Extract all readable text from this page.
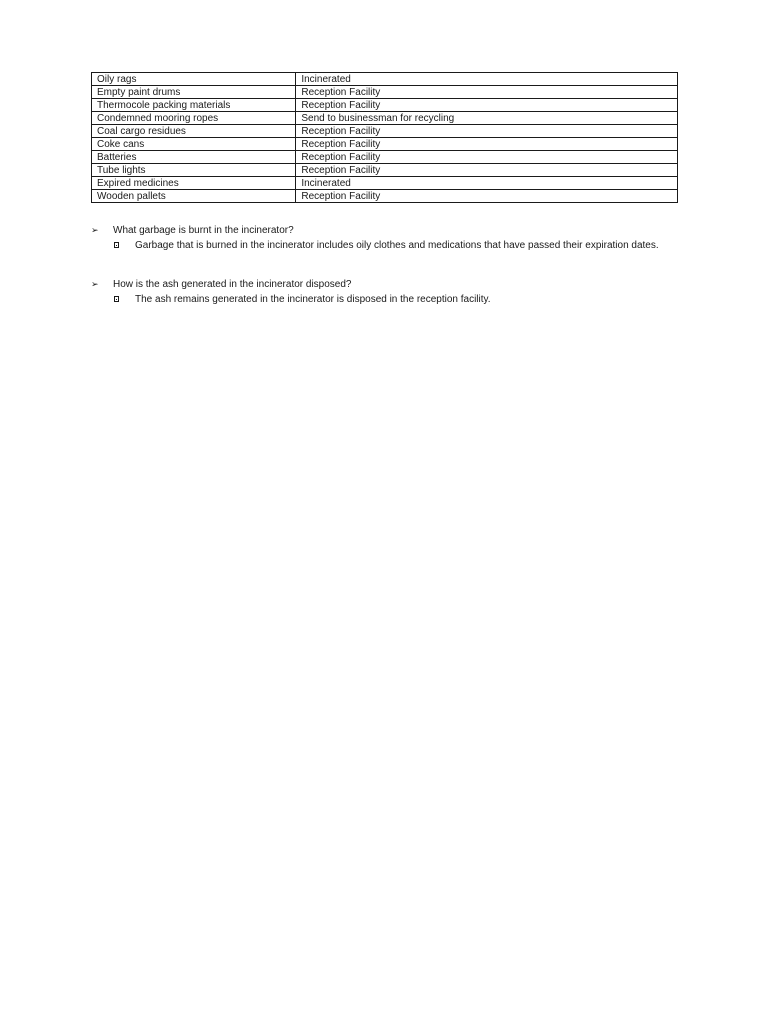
Oily rags	Incinerated
Empty paint drums	Reception Facility
Thermocole packing materials	Reception Facility
Condemned mooring ropes	Send to businessman for recycling
Coal cargo residues	Reception Facility
Coke cans	Reception Facility
Batteries	Reception Facility
Tube lights	Reception Facility
Expired medicines	Incinerated
Wooden pallets	Reception Facility
➢ What garbage is burnt in the incinerator?
Garbage that is burned in the incinerator includes oily clothes and medications that have passed their expiration dates.
➢ How is the ash generated in the incinerator disposed?
The ash remains generated in the incinerator is disposed in the reception facility.
